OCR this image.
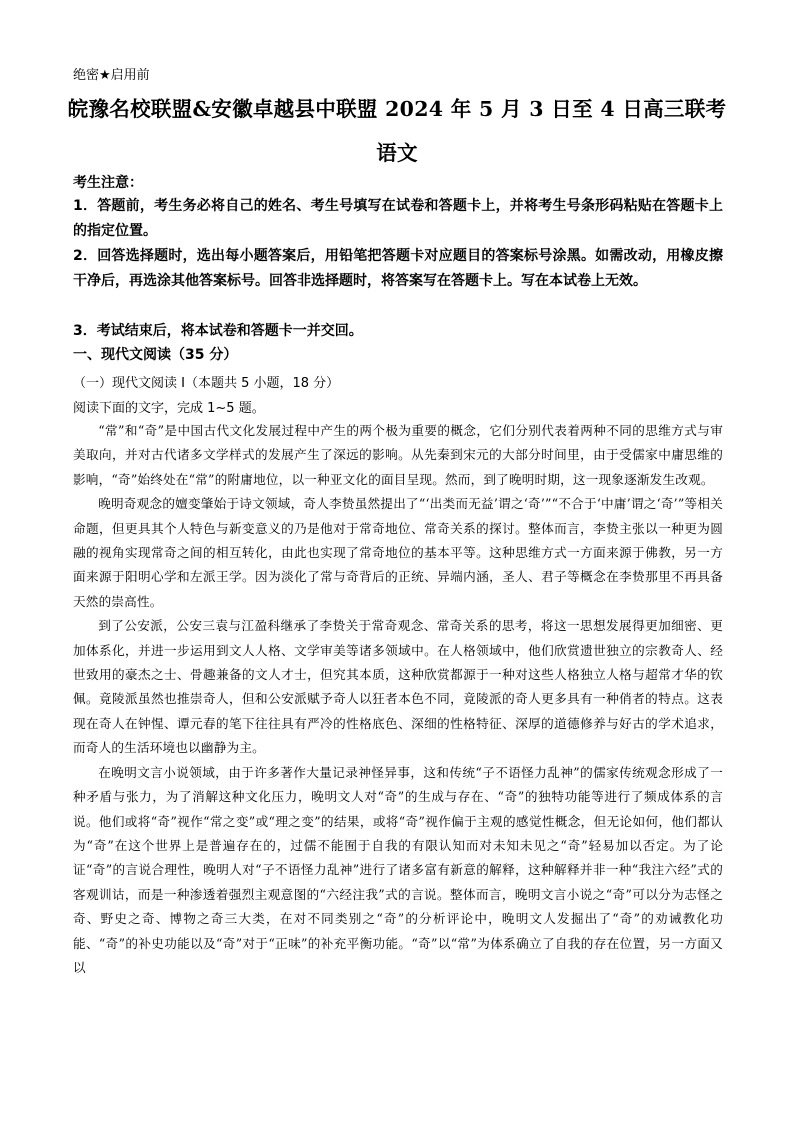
绝密★启用前
皖豫名校联盟&安徽卓越县中联盟 2024 年 5 月 3 日至 4 日高三联考
语文
考生注意：
1．答题前，考生务必将自己的姓名、考生号填写在试卷和答题卡上，并将考生号条形码粘贴在答题卡上的指定位置。
2．回答选择题时，选出每小题答案后，用铅笔把答题卡对应题目的答案标号涂黑。如需改动，用橡皮擦干净后，再选涂其他答案标号。回答非选择题时，将答案写在答题卡上。写在本试卷上无效。
3．考试结束后，将本试卷和答题卡一并交回。
一、现代文阅读（35 分）
（一）现代文阅读 I（本题共 5 小题，18 分）
阅读下面的文字，完成 1~5 题。

“常”和“奇”是中国古代文化发展过程中产生的两个极为重要的概念，它们分别代表着两种不同的思维方式与审美取向，并对古代诸多文学样式的发展产生了深远的影响。从先秦到宋元的大部分时间里，由于受儒家中庸思维的影响，“奇”始终处在“常”的附庸地位，以一种亚文化的面目呈现。然而，到了晚明时期，这一现象逐渐发生改观。

晚明奇观念的嬗变肇始于诗文领域，奇人李贽虽然提出了“‘出类而无益’谓之‘奇’”“不合于‘中庸’谓之‘奇’”等相关命题，但更具其个人特色与新变意义的乃是他对于常奇地位、常奇关系的探讨。整体而言，李贽主张以一种更为圆融的视角实现常奇之间的相互转化，由此也实现了常奇地位的基本平等。这种思维方式一方面来源于佛教，另一方面来源于阳明心学和左派王学。因为淡化了常与奇背后的正统、异端内涵，圣人、君子等概念在李贽那里不再具备天然的崇高性。

到了公安派，公安三袁与江盈科继承了李贽关于常奇观念、常奇关系的思考，将这一思想发展得更加细密、更加体系化，并进一步运用到文人人格、文学审美等诸多领域中。在人格领域中，他们欣赏遗世独立的宗教奇人、经世致用的豪杰之士、骨趣兼备的文人才士，但究其本质，这种欣赏都源于一种对这些人格独立人格与超常才华的钦佩。竟陵派虽然也推崇奇人，但和公安派赋予奇人以狂者本色不同，竟陵派的奇人更多具有一种俏者的特点。这表现在奇人在钟惺、谭元春的笔下往往具有严冷的性格底色、深细的性格特征、深厚的道德修养与好古的学术追求，而奇人的生活环境也以幽静为主。

在晚明文言小说领域，由于许多著作大量记录神怪异事，这和传统“子不语怪力乱神”的儒家传统观念形成了一种矛盾与张力，为了消解这种文化压力，晚明文人对“奇”的生成与存在、“奇”的独特功能等进行了频成体系的言说。他们或将“奇”视作“常之变”或“理之变”的结果，或将“奇”视作偏于主观的感觉性概念，但无论如何，他们都认为“奇”在这个世界上是普遍存在的，过儒不能囿于自我的有限认知而对未知未见之“奇”轻易加以否定。为了论证“奇”的言说合理性，晚明人对“子不语怪力乱神”进行了诸多富有新意的解释，这种解释并非一种“我注六经”式的客观训诂，而是一种渗透着强烈主观意图的“六经注我”式的言说。整体而言，晚明文言小说之“奇”可以分为志怪之奇、野史之奇、博物之奇三大类，在对不同类别之“奇”的分析评论中，晚明文人发掘出了“奇”的劝诫教化功能、“奇”的补史功能以及“奇”对于“正味”的补充平衡功能。“奇”以“常”为体系确立了自我的存在位置，另一方面又以
